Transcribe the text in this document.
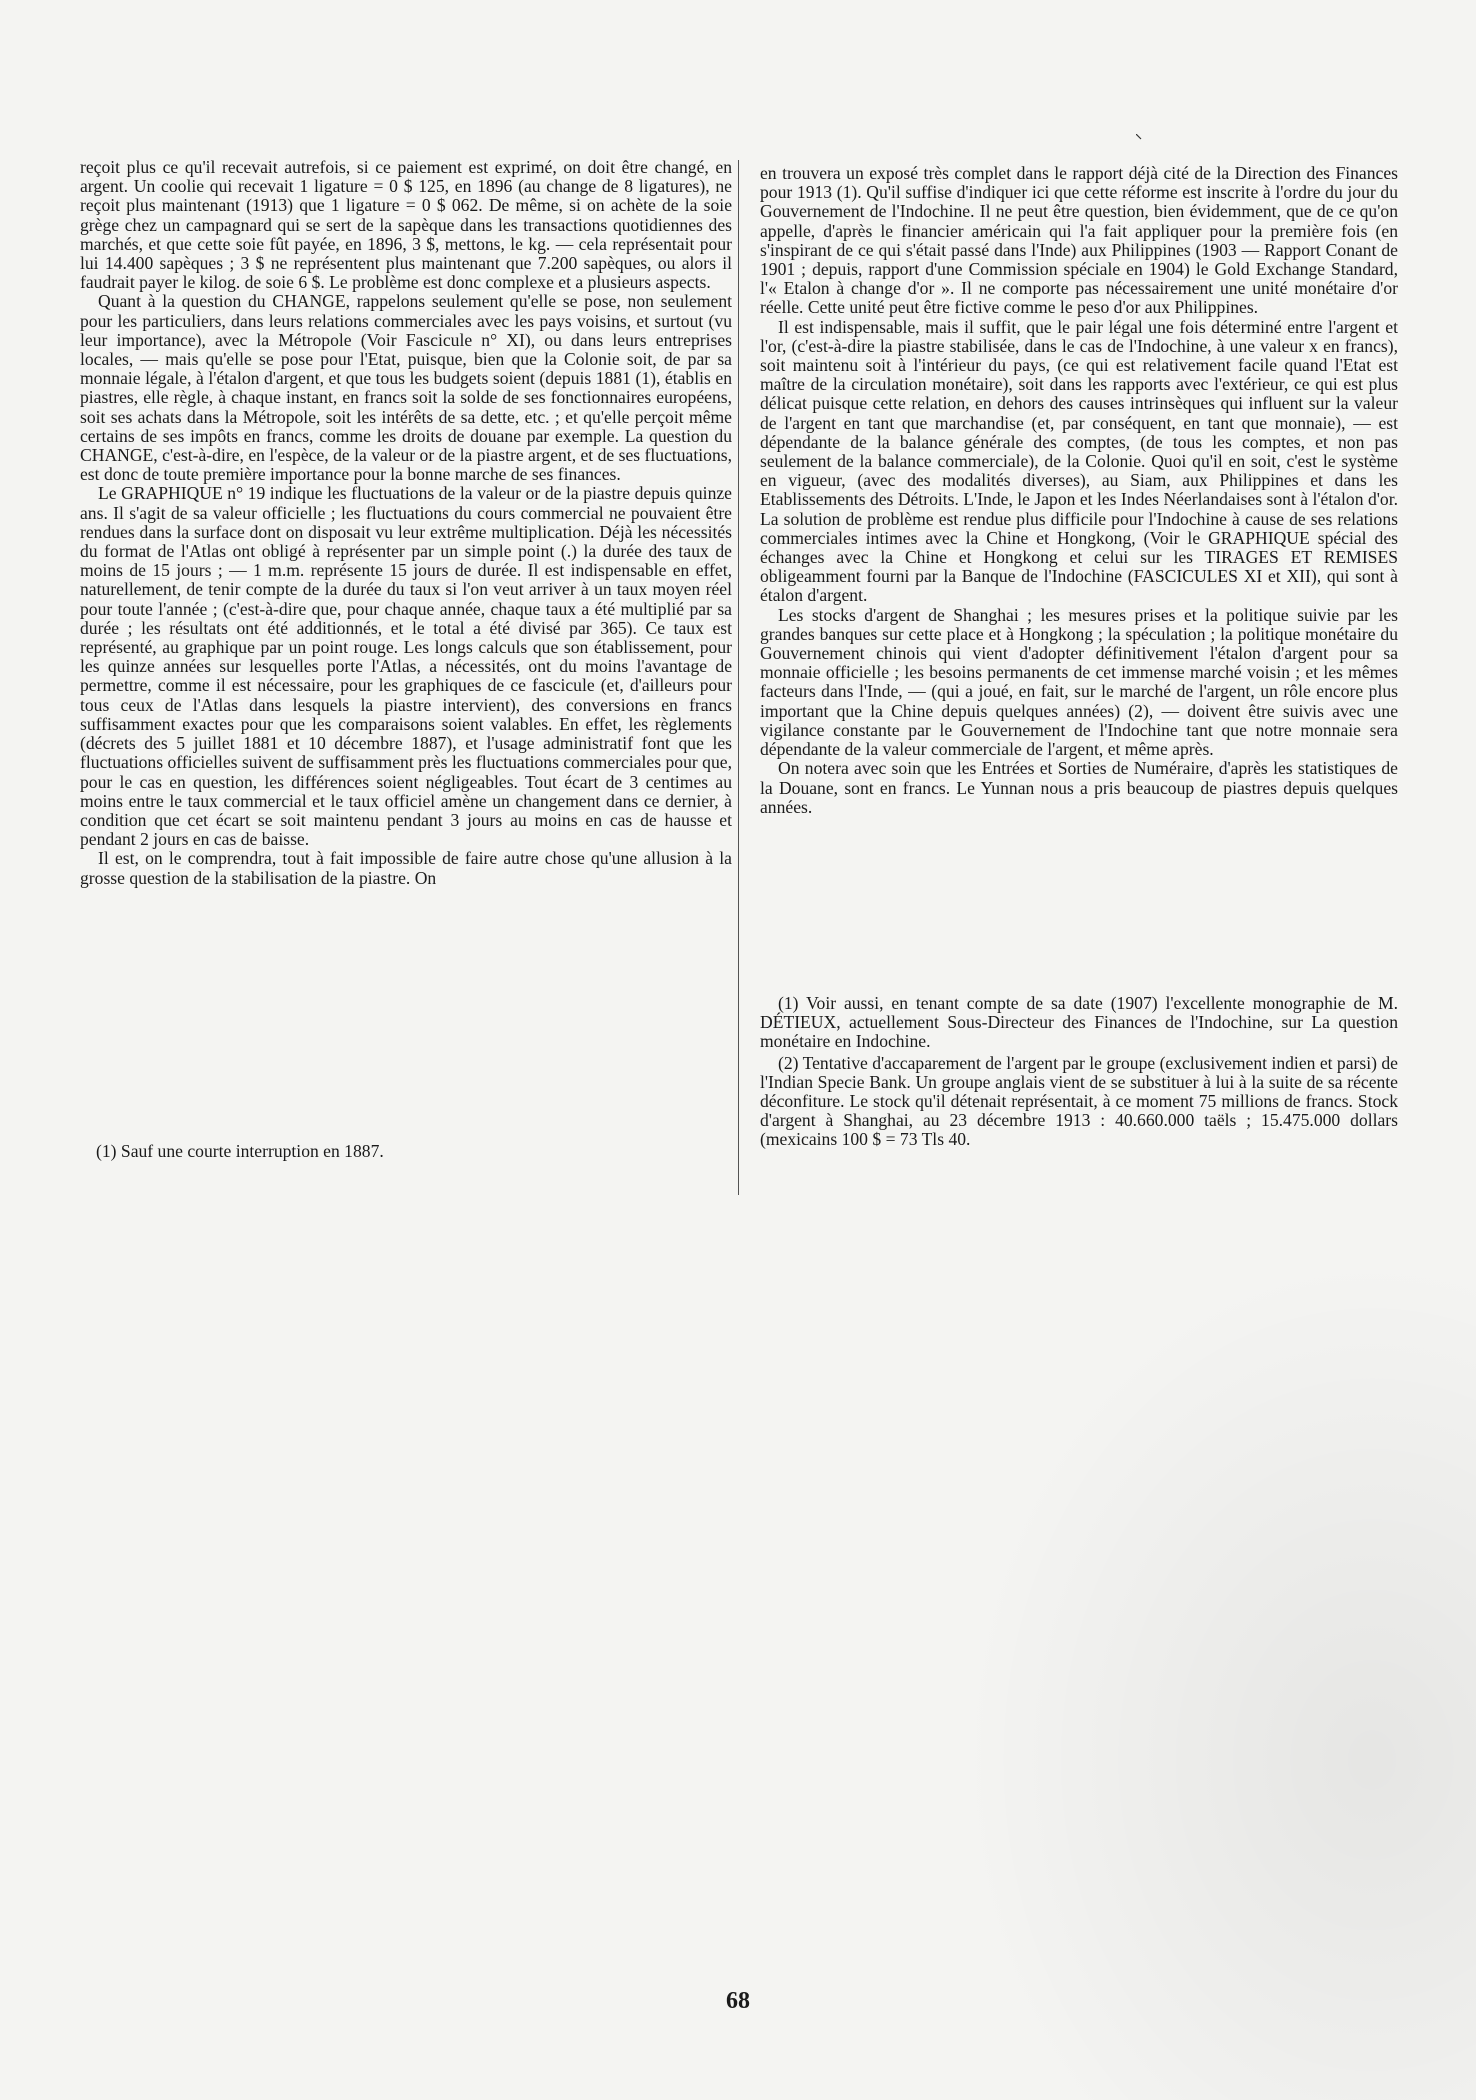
reçoit plus ce qu'il recevait autrefois, si ce paiement est exprimé, on doit être changé, en argent. Un coolie qui recevait 1 ligature = 0 $ 125, en 1896 (au change de 8 ligatures), ne reçoit plus maintenant (1913) que 1 ligature = 0 $ 062. De même, si on achète de la soie grège chez un campagnard qui se sert de la sapèque dans les transactions quotidiennes des marchés, et que cette soie fût payée, en 1896, 3 $, mettons, le kg. — cela représentait pour lui 14.400 sapèques ; 3 $ ne représentent plus maintenant que 7.200 sapèques, ou alors il faudrait payer le kilog. de soie 6 $. Le problème est donc complexe et a plusieurs aspects.

Quant à la question du CHANGE, rappelons seulement qu'elle se pose, non seulement pour les particuliers, dans leurs relations commerciales avec les pays voisins, et surtout (vu leur importance), avec la Métropole (Voir Fascicule n° XI), ou dans leurs entreprises locales, — mais qu'elle se pose pour l'Etat, puisque, bien que la Colonie soit, de par sa monnaie légale, à l'étalon d'argent, et que tous les budgets soient (depuis 1881 (1), établis en piastres, elle règle, à chaque instant, en francs soit la solde de ses fonctionnaires européens, soit ses achats dans la Métropole, soit les intérêts de sa dette, etc. ; et qu'elle perçoit même certains de ses impôts en francs, comme les droits de douane par exemple. La question du CHANGE, c'est-à-dire, en l'espèce, de la valeur or de la piastre argent, et de ses fluctuations, est donc de toute première importance pour la bonne marche de ses finances.

Le GRAPHIQUE n° 19 indique les fluctuations de la valeur or de la piastre depuis quinze ans. Il s'agit de sa valeur officielle ; les fluctuations du cours commercial ne pouvaient être rendues dans la surface dont on disposait vu leur extrême multiplication. Déjà les nécessités du format de l'Atlas ont obligé à représenter par un simple point (.) la durée des taux de moins de 15 jours ; — 1 m.m. représente 15 jours de durée. Il est indispensable en effet, naturellement, de tenir compte de la durée du taux si l'on veut arriver à un taux moyen réel pour toute l'année ; (c'est-à-dire que, pour chaque année, chaque taux a été multiplié par sa durée ; les résultats ont été additionnés, et le total a été divisé par 365). Ce taux est représenté, au graphique par un point rouge. Les longs calculs que son établissement, pour les quinze années sur lesquelles porte l'Atlas, a nécessités, ont du moins l'avantage de permettre, comme il est nécessaire, pour les graphiques de ce fascicule (et, d'ailleurs pour tous ceux de l'Atlas dans lesquels la piastre intervient), des conversions en francs suffisamment exactes pour que les comparaisons soient valables. En effet, les règlements (décrets des 5 juillet 1881 et 10 décembre 1887), et l'usage administratif font que les fluctuations officielles suivent de suffisamment près les fluctuations commerciales pour que, pour le cas en question, les différences soient négligeables. Tout écart de 3 centimes au moins entre le taux commercial et le taux officiel amène un changement dans ce dernier, à condition que cet écart se soit maintenu pendant 3 jours au moins en cas de hausse et pendant 2 jours en cas de baisse.

Il est, on le comprendra, tout à fait impossible de faire autre chose qu'une allusion à la grosse question de la stabilisation de la piastre. On

(1) Sauf une courte interruption en 1887.

en trouvera un exposé très complet dans le rapport déjà cité de la Direction des Finances pour 1913 (1). Qu'il suffise d'indiquer ici que cette réforme est inscrite à l'ordre du jour du Gouvernement de l'Indochine. Il ne peut être question, bien évidemment, que de ce qu'on appelle, d'après le financier américain qui l'a fait appliquer pour la première fois (en s'inspirant de ce qui s'était passé dans l'Inde) aux Philippines (1903 — Rapport Conant de 1901 ; depuis, rapport d'une Commission spéciale en 1904) le Gold Exchange Standard, l'« Etalon à change d'or ». Il ne comporte pas nécessairement une unité monétaire d'or réelle. Cette unité peut être fictive comme le peso d'or aux Philippines.

Il est indispensable, mais il suffit, que le pair légal une fois déterminé entre l'argent et l'or, (c'est-à-dire la piastre stabilisée, dans le cas de l'Indochine, à une valeur x en francs), soit maintenu soit à l'intérieur du pays, (ce qui est relativement facile quand l'Etat est maître de la circulation monétaire), soit dans les rapports avec l'extérieur, ce qui est plus délicat puisque cette relation, en dehors des causes intrinsèques qui influent sur la valeur de l'argent en tant que marchandise (et, par conséquent, en tant que monnaie), — est dépendante de la balance générale des comptes, (de tous les comptes, et non pas seulement de la balance commerciale), de la Colonie. Quoi qu'il en soit, c'est le système en vigueur, (avec des modalités diverses), au Siam, aux Philippines et dans les Etablissements des Détroits. L'Inde, le Japon et les Indes Néerlandaises sont à l'étalon d'or. La solution de problème est rendue plus difficile pour l'Indochine à cause de ses relations commerciales intimes avec la Chine et Hongkong, (Voir le GRAPHIQUE spécial des échanges avec la Chine et Hongkong et celui sur les TIRAGES ET REMISES obligeamment fourni par la Banque de l'Indochine (FASCICULES XI et XII), qui sont à étalon d'argent.

Les stocks d'argent de Shanghai ; les mesures prises et la politique suivie par les grandes banques sur cette place et à Hongkong ; la spéculation ; la politique monétaire du Gouvernement chinois qui vient d'adopter définitivement l'étalon d'argent pour sa monnaie officielle ; les besoins permanents de cet immense marché voisin ; et les mêmes facteurs dans l'Inde, — (qui a joué, en fait, sur le marché de l'argent, un rôle encore plus important que la Chine depuis quelques années) (2), — doivent être suivis avec une vigilance constante par le Gouvernement de l'Indochine tant que notre monnaie sera dépendante de la valeur commerciale de l'argent, et même après.

On notera avec soin que les Entrées et Sorties de Numéraire, d'après les statistiques de la Douane, sont en francs. Le Yunnan nous a pris beaucoup de piastres depuis quelques années.

(1) Voir aussi, en tenant compte de sa date (1907) l'excellente monographie de M. DÉTIEUX, actuellement Sous-Directeur des Finances de l'Indochine, sur La question monétaire en Indochine.

(2) Tentative d'accaparement de l'argent par le groupe (exclusivement indien et parsi) de l'Indian Specie Bank. Un groupe anglais vient de se substituer à lui à la suite de sa récente déconfiture. Le stock qu'il détenait représentait, à ce moment 75 millions de francs. Stock d'argent à Shanghai, au 23 décembre 1913 : 40.660.000 taëls ; 15.475.000 dollars (mexicains 100 $ = 73 Tls 40.

68
